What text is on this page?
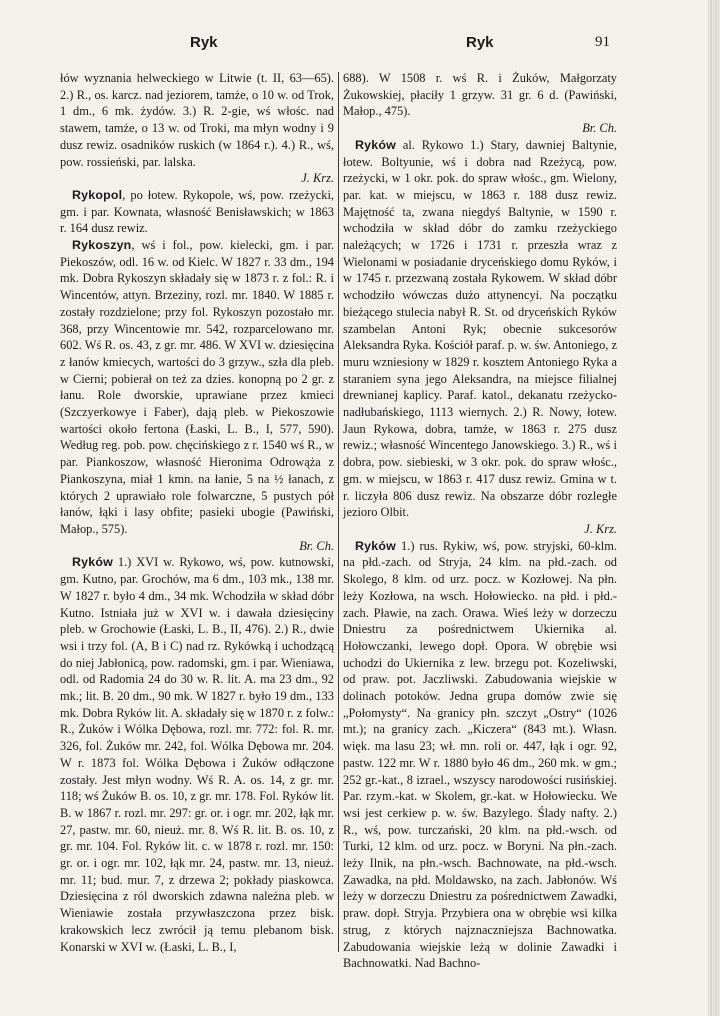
Ryk	Ryk	91

łów wyznania helweckiego w Litwie (t. II, 63—65). 2.) R., os. karcz. nad jeziorem, tamże, o 10 w. od Trok, 1 dm., 6 mk. żydów. 3.) R. 2-gie, wś włośc. nad stawem, tamże, o 13 w. od Troki, ma młyn wodny i 9 dusz rewiz. osadników ruskich (w 1864 r.). 4.) R., wś, pow. rossieński, par. lalska.
J. Krz.

Rykopol, po łotew. Rykopole, wś, pow. rzeżycki, gm. i par. Kownata, własność Benisławskich; w 1863 r. 164 dusz rewiz.

Rykoszyn, wś i fol., pow. kielecki, gm. i par. Piekoszów, odl. 16 w. od Kielc. W 1827 r. 33 dm., 194 mk. Dobra Rykoszyn składały się w 1873 r. z fol.: R. i Wincentów, attyn. Brzeziny, rozl. mr. 1840. W 1885 r. zostały rozdzielone; przy fol. Rykoszyn pozostało mr. 368, przy Wincentowie mr. 542, rozparcelowano mr. 602. Wś R. os. 43, z gr. mr. 486. W XVI w. dziesięcina z łanów kmiecych, wartości do 3 grzyw., szła dla pleb. w Ciernі; pobierał on też za dzies. konopną po 2 gr. z łanu. Role dworskie, uprawiane przez kmieci (Szczyerkowye i Faber), dają pleb. w Piekoszowie wartości około fertona (Łaski, L. B., I, 577, 590). Według reg. pob. pow. chęcińskiego z r. 1540 wś R., w par. Piankoszow, własność Hieronima Odrowąża z Piankoszyna, miał 1 kmn. na łanie, 5 na ½ łanach, z których 2 uprawiało role folwarczne, 5 pustych pół łanów, łąki i lasy obfite; pasieki ubogie (Pawiński, Małop., 575).
Br. Ch.

Ryków 1.) XVI w. Rykowo, wś, pow. kutnowski, gm. Kutno, par. Grochów, ma 6 dm., 103 mk., 138 mr. W 1827 r. było 4 dm., 34 mk. Wchodziła w skład dóbr Kutno. Istniała już w XVI w. i dawała dziesięciny pleb. w Grochowie (Łaski, L. B., II, 476). 2.) R., dwie wsi i trzy fol. (A, B i C) nad rz. Rykówką i uchodzącą do niej Jabłonicą, pow. radomski, gm. i par. Wieniawa, odl. od Radomia 24 do 30 w. R. lit. A. ma 23 dm., 92 mk.; lit. B. 20 dm., 90 mk. W 1827 r. było 19 dm., 133 mk. Dobra Ryków lit. A. składały się w 1870 r. z folw.: R., Żuków i Wólka Dębowa, rozl. mr. 772: fol. R. mr. 326, fol. Żuków mr. 242, fol. Wólka Dębowa mr. 204. W r. 1873 fol. Wólka Dębowa i Żuków odłączone zostały. Jest młyn wodny. Wś R. A. os. 14, z gr. mr. 118; wś Żuków B. os. 10, z gr. mr. 178. Fol. Ryków lit. B. w 1867 r. rozl. mr. 297: gr. or. i ogr. mr. 202, łąk mr. 27, pastw. mr. 60, nieuż. mr. 8. Wś R. lit. B. os. 10, z gr. mr. 104. Fol. Ryków lit. c. w 1878 r. rozl. mr. 150: gr. or. i ogr. mr. 102, łąk mr. 24, pastw. mr. 13, nieuż. mr. 11; bud. mur. 7, z drzewa 2; pokłady piaskowca. Dziesięcina z ról dworskich zdawna należna pleb. w Wieniawie została przywłaszczona przez bisk. krakowskich lecz zwrócił ją temu plebanom bisk. Konarski w XVI w. (Łaski, L. B., I,

688). W 1508 r. wś R. i Żuków, Małgorzaty Żukowskiej, płaciły 1 grzyw. 31 gr. 6 d. (Pawiński, Małop., 475).
Br. Ch.

Ryków al. Rykowo 1.) Stary, dawniej Baltynie, łotew. Boltyunie, wś i dobra nad Rzeżycą, pow. rzeżycki, w 1 okr. pok. do spraw włośc., gm. Wielony, par. kat. w miejscu, w 1863 r. 188 dusz rewiz. Majętność ta, zwana niegdyś Baltynie, w 1590 r. wchodziła w skład dóbr do zamku rzeżyckiego należących; w 1726 i 1731 r. przeszła wraz z Wielonami w posiadanie dryceńskiego domu Ryków, i w 1745 r. przezwaną została Rykowem. W skład dóbr wchodziło wówczas dużo attynencyi. Na początku bieżącego stulecia nabył R. St. od dryceńskich Ryków szambelan Antoni Ryk; obecnie sukcesorów Aleksandra Ryka. Kościół paraf. p. w. św. Antoniego, z muru wzniesiony w 1829 r. kosztem Antoniego Ryka a staraniem syna jego Aleksandra, na miejsce filialnej drewnianej kaplicy. Paraf. katol., dekanatu rzeżycko-nadłubańskiego, 1113 wiernych. 2.) R. Nowy, łotew. Jaun Rykowa, dobra, tamże, w 1863 r. 275 dusz rewiz.; własność Wincentego Janowskiego. 3.) R., wś i dobra, pow. siebieski, w 3 okr. pok. do spraw włośc., gm. w miejscu, w 1863 r. 417 dusz rewiz. Gmina w t. r. liczyła 806 dusz rewiz. Na obszarze dóbr rozległe jezioro Olbit.
J. Krz.

Ryków 1.) rus. Rykiw, wś, pow. stryjski, 60-klm. na płd.-zach. od Stryja, 24 klm. na płd.-zach. od Skolego, 8 klm. od urz. pocz. w Kozłowej. Na płn. leży Kozłowa, na wsch. Hołowiecko. na płd. i płd.-zach. Pławie, na zach. Orawa. Wieś leży w dorzeczu Dniestru za pośrednictwem Ukiernika al. Hołowczanki, lewego dopł. Opora. W obrębie wsi uchodzi do Ukiernika z lew. brzegu pot. Kozeliwski, od praw. pot. Jaczliwski. Zabudowania wiejskie w dolinach potoków. Jedna grupa domów zwie się „Połomysty“. Na granicy płn. szczyt „Ostry“ (1026 mt.); na granicy zach. „Kiczera“ (843 mt.). Własn. więk. ma lasu 23; wł. mn. roli or. 447, łąk i ogr. 92, pastw. 122 mr. W r. 1880 było 46 dm., 260 mk. w gm.; 252 gr.-kat., 8 izrael., wszyscy narodowości rusińskiej. Par. rzym.-kat. w Skolem, gr.-kat. w Hołowiecku. We wsi jest cerkiew p. w. św. Bazylego. Ślady nafty. 2.) R., wś, pow. turczański, 20 klm. na płd.-wsch. od Turki, 12 klm. od urz. pocz. w Boryni. Na płn.-zach. leży Ilnik, na płn.-wsch. Bachnowate, na płd.-wsch. Zawadka, na płd. Moldawsko, na zach. Jabłonów. Wś leży w dorzeczu Dniestru za pośrednictwem Zawadki, praw. dopł. Stryja. Przybiera ona w obrębie wsi kilka strug, z których najznaczniejsza Bachnowatka. Zabudowania wiejskie leżą w dolinie Zawadki i Bachnowatki. Nad Bachno-
